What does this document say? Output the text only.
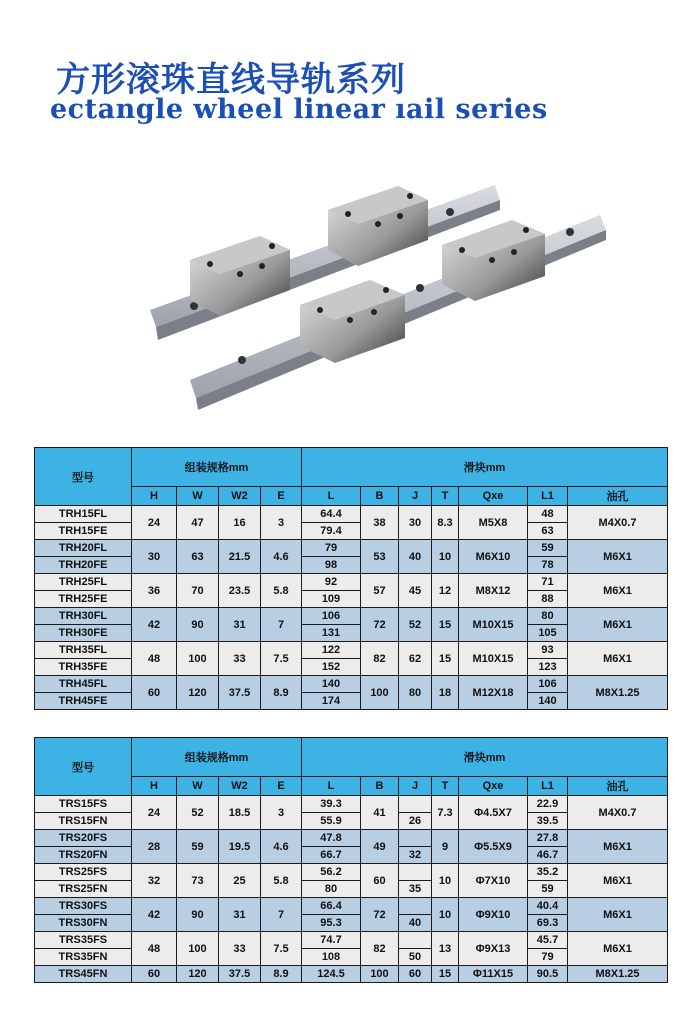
方形滚珠直线导轨系列
ectangle wheel linear ıail series
型号	组装规格mm				滑块mm						
	H	W	W2	E	L	B	J	T	Qxe	L1	油孔
TRH15FL	24	47	16	3	64.4	38	30	8.3	M5X8	48	M4X0.7
TRH15FE					79.4					63	
TRH20FL	30	63	21.5	4.6	79	53	40	10	M6X10	59	M6X1
TRH20FE					98					78	
TRH25FL	36	70	23.5	5.8	92	57	45	12	M8X12	71	M6X1
TRH25FE					109					88	
TRH30FL	42	90	31	7	106	72	52	15	M10X15	80	M6X1
TRH30FE					131					105	
TRH35FL	48	100	33	7.5	122	82	62	15	M10X15	93	M6X1
TRH35FE					152					123	
TRH45FL	60	120	37.5	8.9	140	100	80	18	M12X18	106	M8X1.25
TRH45FE					174					140	
型号	组装规格mm				滑块mm						
	H	W	W2	E	L	B	J	T	Qxe	L1	油孔
TRS15FS	24	52	18.5	3	39.3	41		7.3	Φ4.5X7	22.9	M4X0.7
TRS15FN					55.9		26			39.5	
TRS20FS	28	59	19.5	4.6	47.8	49		9	Φ5.5X9	27.8	M6X1
TRS20FN					66.7		32			46.7	
TRS25FS	32	73	25	5.8	56.2	60		10	Φ7X10	35.2	M6X1
TRS25FN					80		35			59	
TRS30FS	42	90	31	7	66.4	72		10	Φ9X10	40.4	M6X1
TRS30FN					95.3		40			69.3	
TRS35FS	48	100	33	7.5	74.7	82		13	Φ9X13	45.7	M6X1
TRS35FN					108		50			79	
TRS45FN	60	120	37.5	8.9	124.5	100	60	15	Φ11X15	90.5	M8X1.25
